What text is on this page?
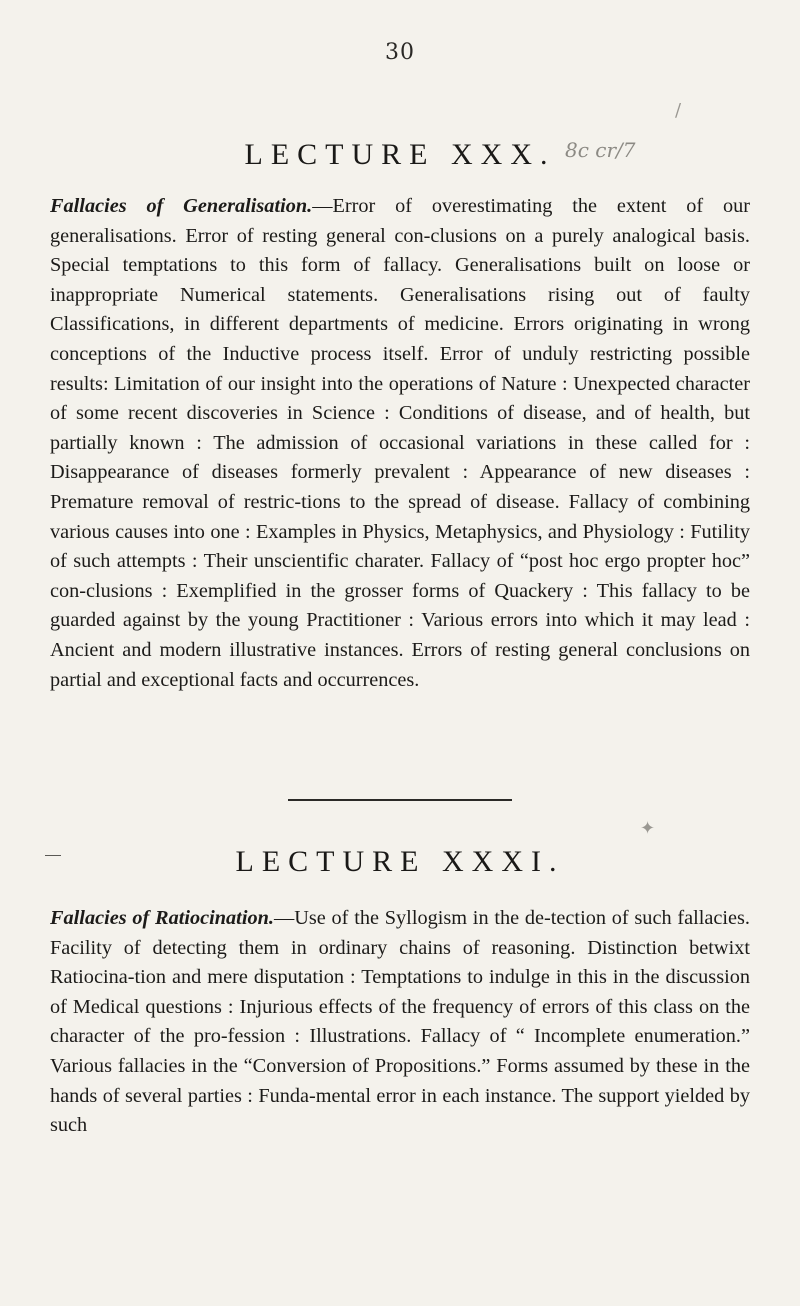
30
LECTURE XXX. 8c cr/7
/
Fallacies of Generalisation.—Error of overestimating the extent of our generalisations. Error of resting general con-clusions on a purely analogical basis. Special temptations to this form of fallacy. Generalisations built on loose or inappropriate Numerical statements. Generalisations rising out of faulty Classifications, in different departments of medicine. Errors originating in wrong conceptions of the Inductive process itself. Error of unduly restricting possible results: Limitation of our insight into the operations of Nature : Unexpected character of some recent discoveries in Science : Conditions of disease, and of health, but partially known : The admission of occasional variations in these called for : Disappearance of diseases formerly prevalent : Appearance of new diseases : Premature removal of restric-tions to the spread of disease. Fallacy of combining various causes into one : Examples in Physics, Metaphysics, and Physiology : Futility of such attempts : Their unscientific charater. Fallacy of “post hoc ergo propter hoc” con-clusions : Exemplified in the grosser forms of Quackery : This fallacy to be guarded against by the young Practitioner : Various errors into which it may lead : Ancient and modern illustrative instances. Errors of resting general conclusions on partial and exceptional facts and occurrences.
✦
LECTURE XXXI.
Fallacies of Ratiocination.—Use of the Syllogism in the de-tection of such fallacies. Facility of detecting them in ordinary chains of reasoning. Distinction betwixt Ratiocina-tion and mere disputation : Temptations to indulge in this in the discussion of Medical questions : Injurious effects of the frequency of errors of this class on the character of the pro-fession : Illustrations. Fallacy of “ Incomplete enumeration.” Various fallacies in the “Conversion of Propositions.” Forms assumed by these in the hands of several parties : Funda-mental error in each instance. The support yielded by such
